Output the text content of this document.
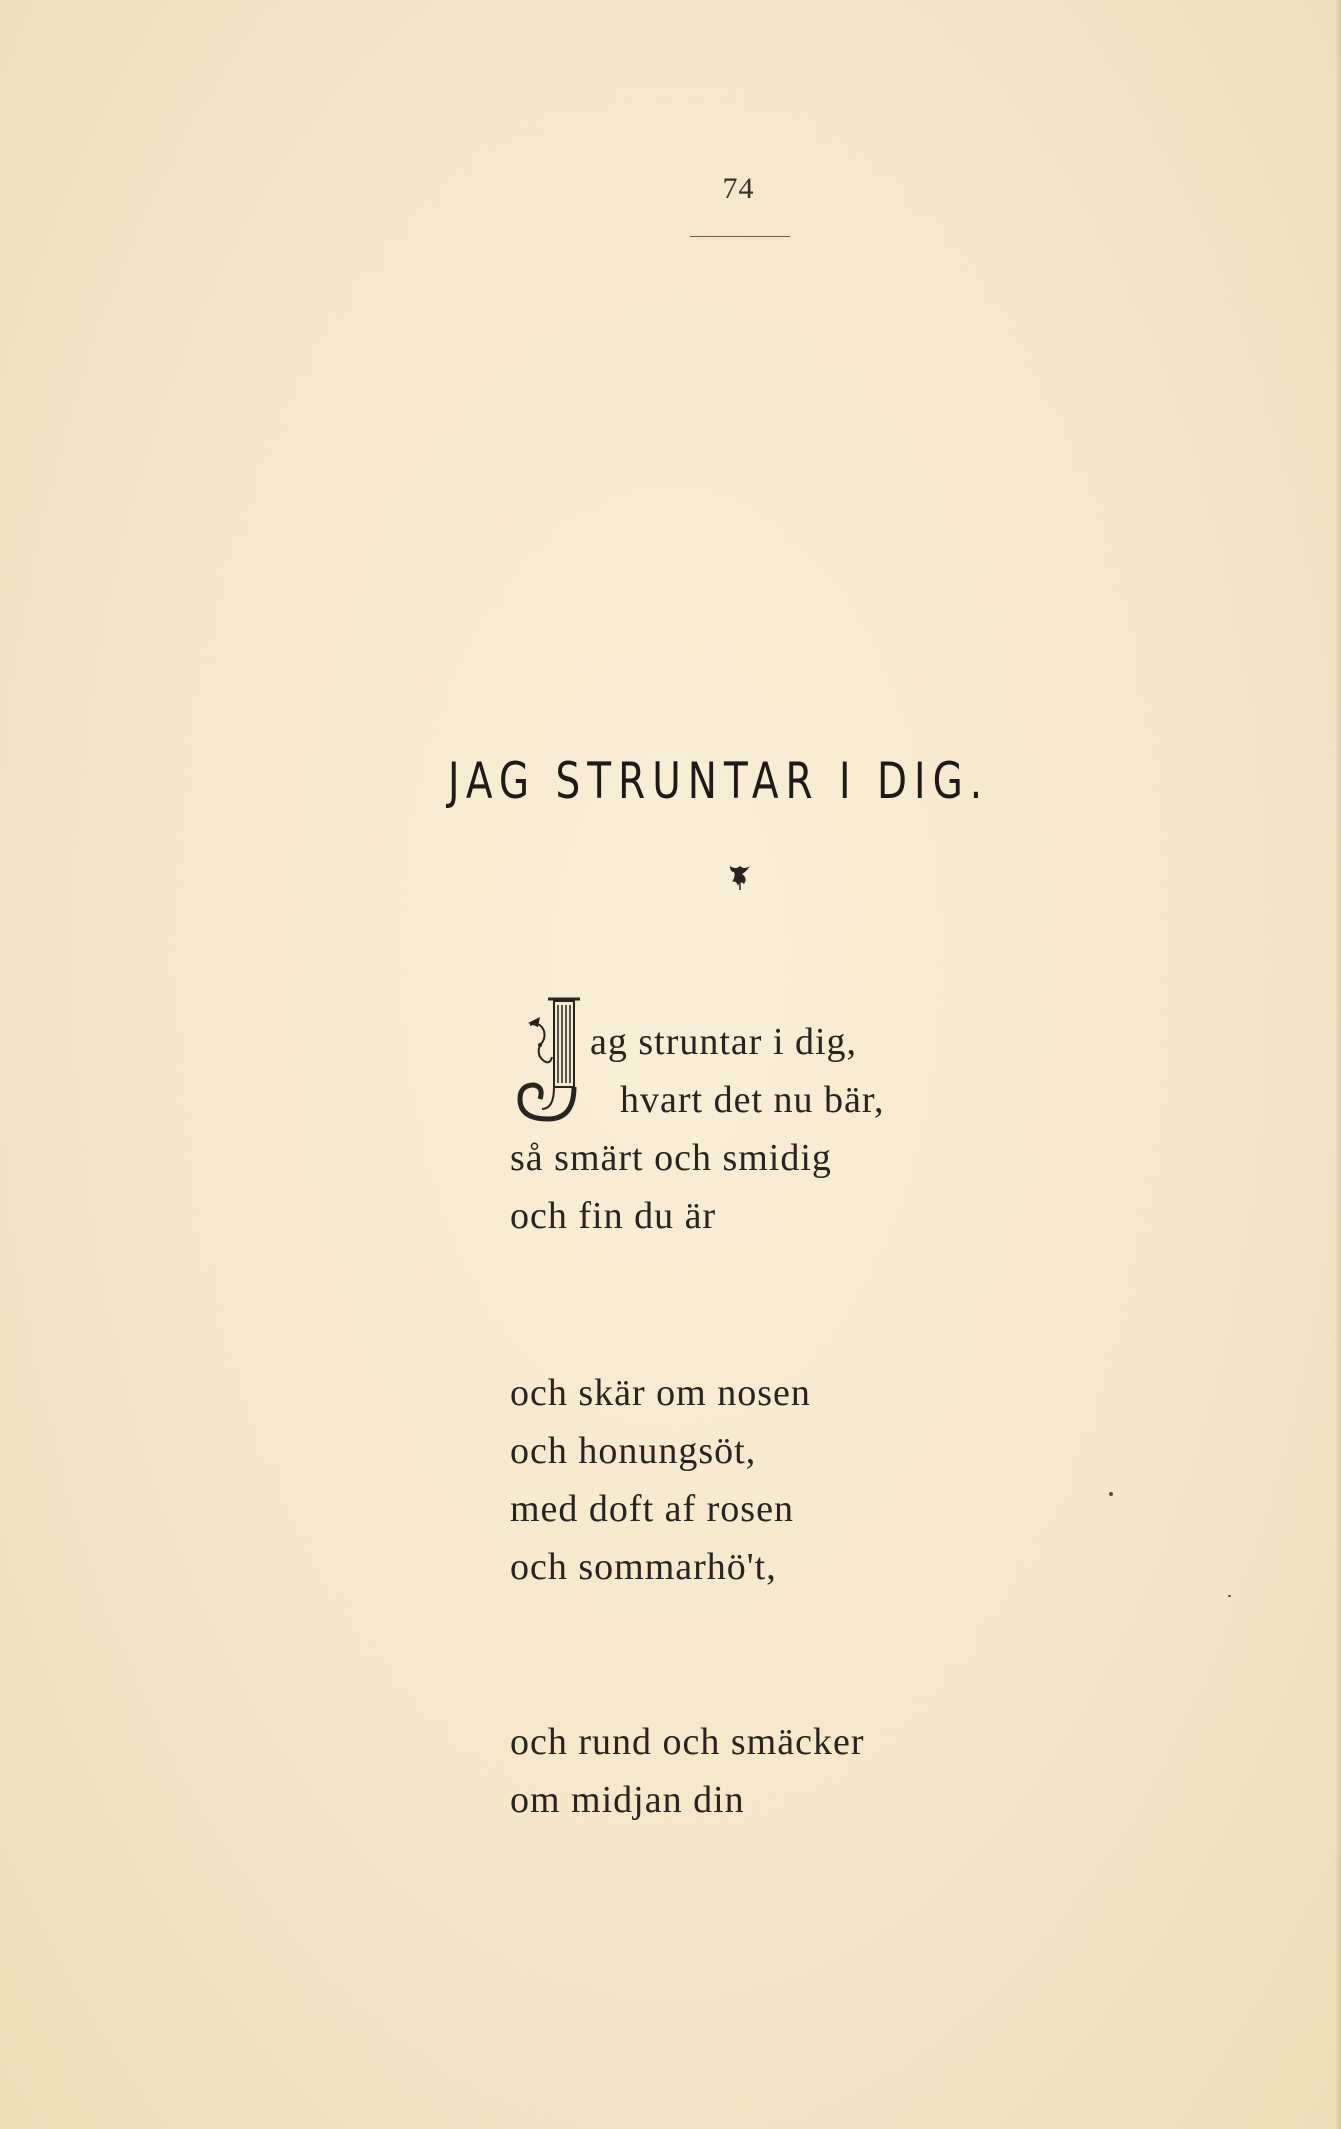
74
JAG STRUNTAR I DIG.
ag struntar i dig,
hvart det nu bär,
så smärt och smidig
och fin du är
och skär om nosen
och honungsöt,
med doft af rosen
och sommarhö't,
och rund och smäcker
om midjan din
